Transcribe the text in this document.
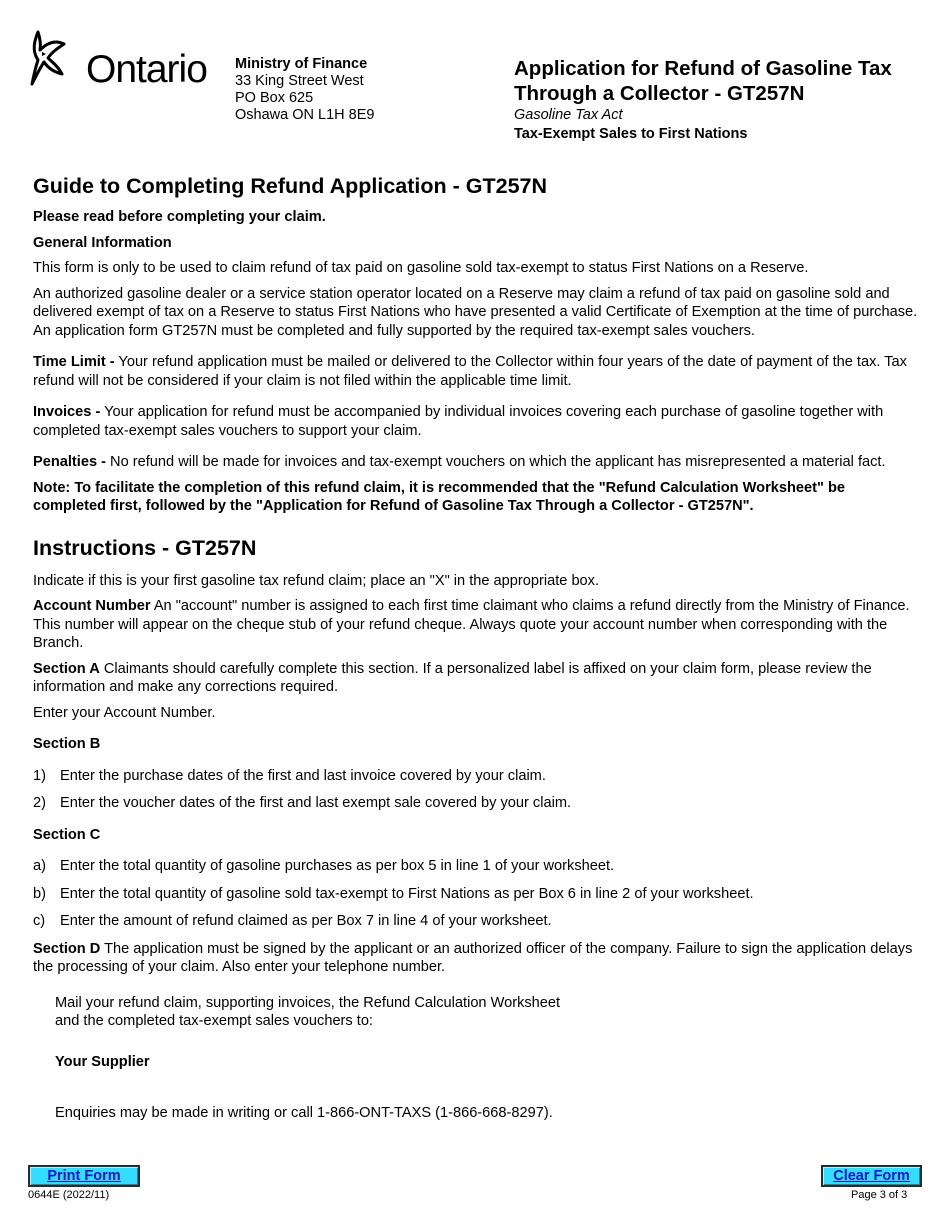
Ontario Ministry of Finance
33 King Street West
PO Box 625
Oshawa ON L1H 8E9
Application for Refund of Gasoline Tax
Through a Collector - GT257N
Gasoline Tax Act
Tax-Exempt Sales to First Nations
Guide to Completing Refund Application - GT257N

Please read before completing your claim.

General Information

This form is only to be used to claim refund of tax paid on gasoline sold tax-exempt to status First Nations on a Reserve.

An authorized gasoline dealer or a service station operator located on a Reserve may claim a refund of tax paid on gasoline sold and delivered exempt of tax on a Reserve to status First Nations who have presented a valid Certificate of Exemption at the time of purchase. An application form GT257N must be completed and fully supported by the required tax-exempt sales vouchers.

Time Limit - Your refund application must be mailed or delivered to the Collector within four years of the date of payment of the tax. Tax refund will not be considered if your claim is not filed within the applicable time limit.

Invoices - Your application for refund must be accompanied by individual invoices covering each purchase of gasoline together with completed tax-exempt sales vouchers to support your claim.

Penalties - No refund will be made for invoices and tax-exempt vouchers on which the applicant has misrepresented a material fact.

Note: To facilitate the completion of this refund claim, it is recommended that the "Refund Calculation Worksheet" be completed first, followed by the "Application for Refund of Gasoline Tax Through a Collector - GT257N".

Instructions - GT257N

Indicate if this is your first gasoline tax refund claim; place an "X" in the appropriate box.

Account Number An "account" number is assigned to each first time claimant who claims a refund directly from the Ministry of Finance. This number will appear on the cheque stub of your refund cheque. Always quote your account number when corresponding with the Branch.

Section A Claimants should carefully complete this section. If a personalized label is affixed on your claim form, please review the information and make any corrections required.

Enter your Account Number.

Section B

1) Enter the purchase dates of the first and last invoice covered by your claim.
2) Enter the voucher dates of the first and last exempt sale covered by your claim.

Section C

a) Enter the total quantity of gasoline purchases as per box 5 in line 1 of your worksheet.
b) Enter the total quantity of gasoline sold tax-exempt to First Nations as per Box 6 in line 2 of your worksheet.
c)	Enter the amount of refund claimed as per Box 7 in line 4 of your worksheet.

Section D The application must be signed by the applicant or an authorized officer of the company. Failure to sign the application delays the processing of your claim. Also enter your telephone number.

Mail your refund claim, supporting invoices, the Refund Calculation Worksheet
and the completed tax-exempt sales vouchers to:
Your Supplier
Enquiries may be made in writing or call 1-866-ONT-TAXS (1-866-668-8297).
Print Form	Clear Form
0644E (2022/11)	Page 3 of 3
